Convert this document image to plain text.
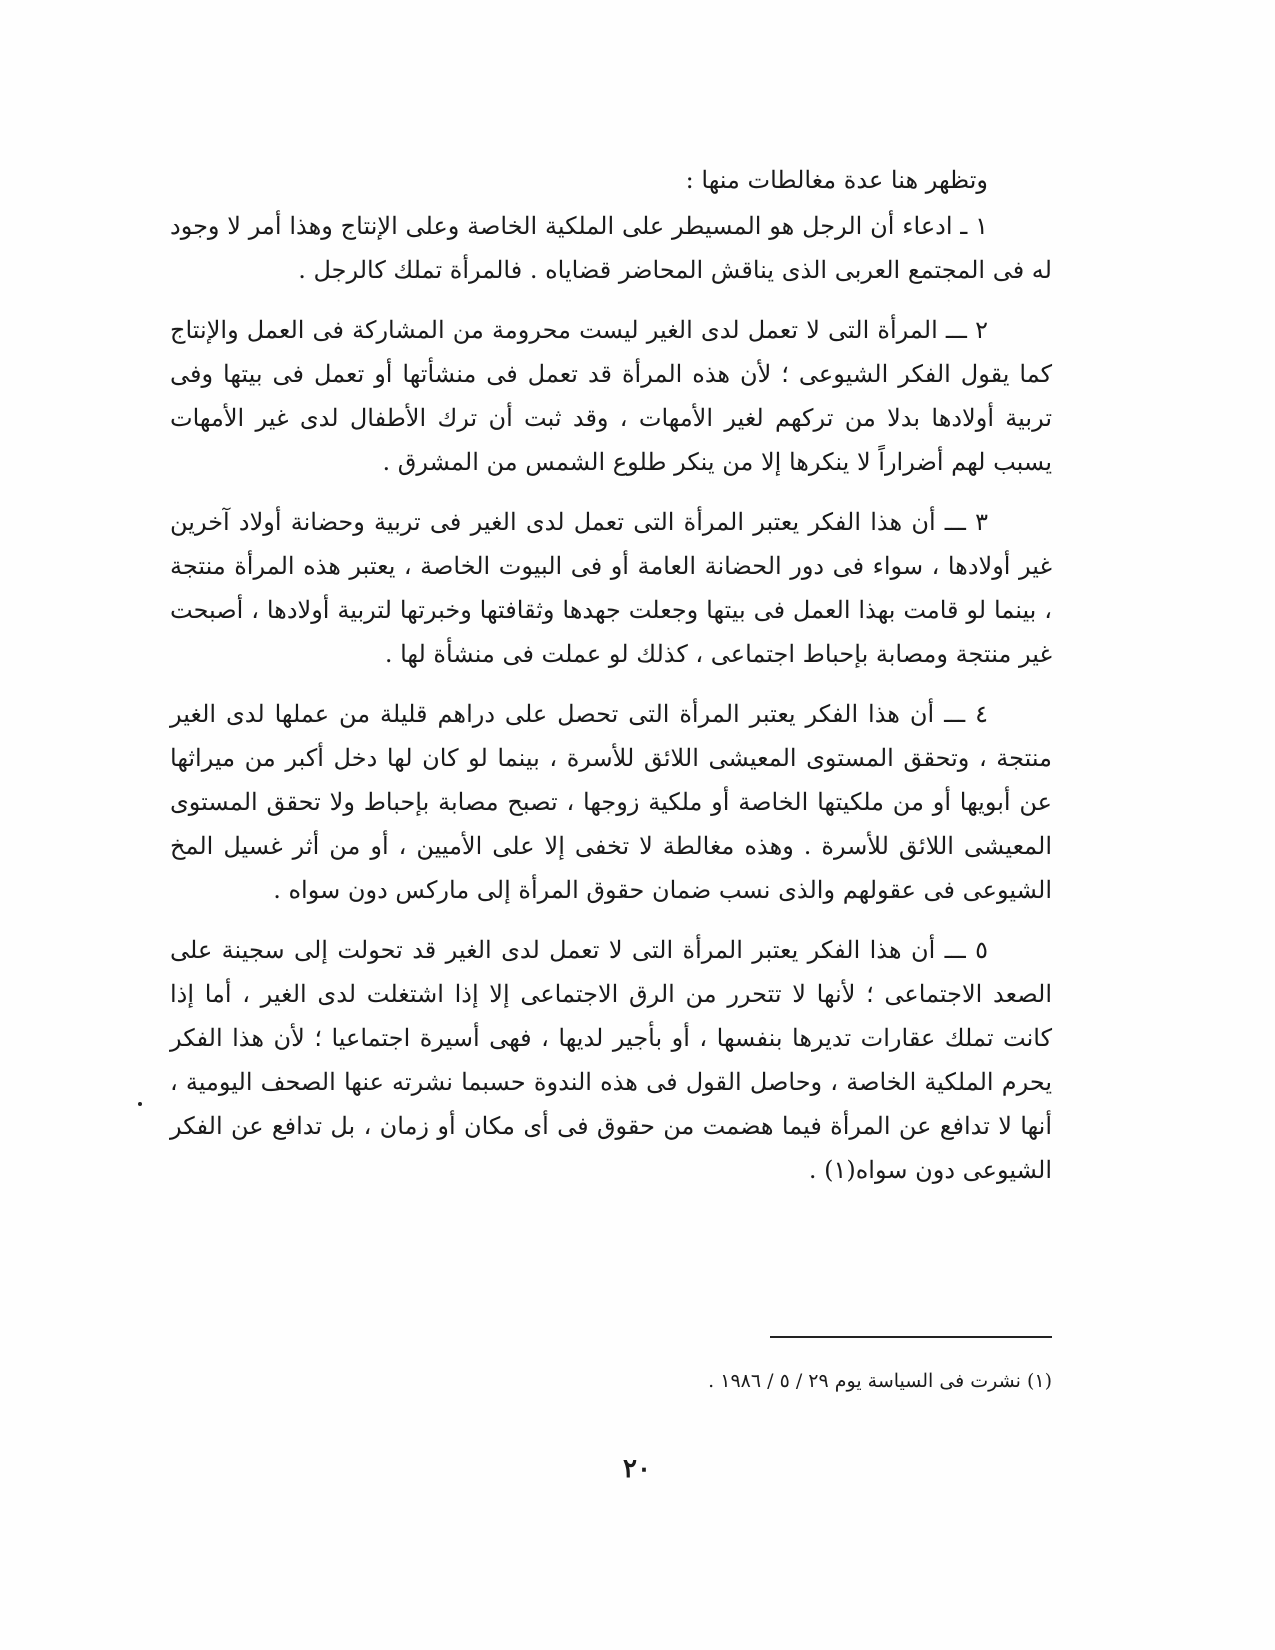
وتظهر هنا عدة مغالطات منها :

١ ـ ادعاء أن الرجل هو المسيطر على الملكية الخاصة وعلى الإنتاج وهذا أمر لا وجود له فى المجتمع العربى الذى يناقش المحاضر قضاياه . فالمرأة تملك كالرجل .

٢ ـــ المرأة التى لا تعمل لدى الغير ليست محرومة من المشاركة فى العمل والإنتاج كما يقول الفكر الشيوعى ؛ لأن هذه المرأة قد تعمل فى منشأتها أو تعمل فى بيتها وفى تربية أولادها بدلا من تركهم لغير الأمهات ، وقد ثبت أن ترك الأطفال لدى غير الأمهات يسبب لهم أضراراً لا ينكرها إلا من ينكر طلوع الشمس من المشرق .

٣ ـــ أن هذا الفكر يعتبر المرأة التى تعمل لدى الغير فى تربية وحضانة أولاد آخرين غير أولادها ، سواء فى دور الحضانة العامة أو فى البيوت الخاصة ، يعتبر هذه المرأة منتجة ، بينما لو قامت بهذا العمل فى بيتها وجعلت جهدها وثقافتها وخبرتها لتربية أولادها ، أصبحت غير منتجة ومصابة بإحباط اجتماعى ، كذلك لو عملت فى منشأة لها .

٤ ـــ أن هذا الفكر يعتبر المرأة التى تحصل على دراهم قليلة من عملها لدى الغير منتجة ، وتحقق المستوى المعيشى اللائق للأسرة ، بينما لو كان لها دخل أكبر من ميراثها عن أبويها أو من ملكيتها الخاصة أو ملكية زوجها ، تصبح مصابة بإحباط ولا تحقق المستوى المعيشى اللائق للأسرة . وهذه مغالطة لا تخفى إلا على الأميين ، أو من أثر غسيل المخ الشيوعى فى عقولهم والذى نسب ضمان حقوق المرأة إلى ماركس دون سواه .

٥ ـــ أن هذا الفكر يعتبر المرأة التى لا تعمل لدى الغير قد تحولت إلى سجينة على الصعد الاجتماعى ؛ لأنها لا تتحرر من الرق الاجتماعى إلا إذا اشتغلت لدى الغير ، أما إذا كانت تملك عقارات تديرها بنفسها ، أو بأجير لديها ، فهى أسيرة اجتماعيا ؛ لأن هذا الفكر يحرم الملكية الخاصة ، وحاصل القول فى هذه الندوة حسبما نشرته عنها الصحف اليومية ، أنها لا تدافع عن المرأة فيما هضمت من حقوق فى أى مكان أو زمان ، بل تدافع عن الفكر الشيوعى دون سواه(١) .

(١) نشرت فى السياسة يوم ٢٩ / ٥ / ١٩٨٦ .
٢٠
